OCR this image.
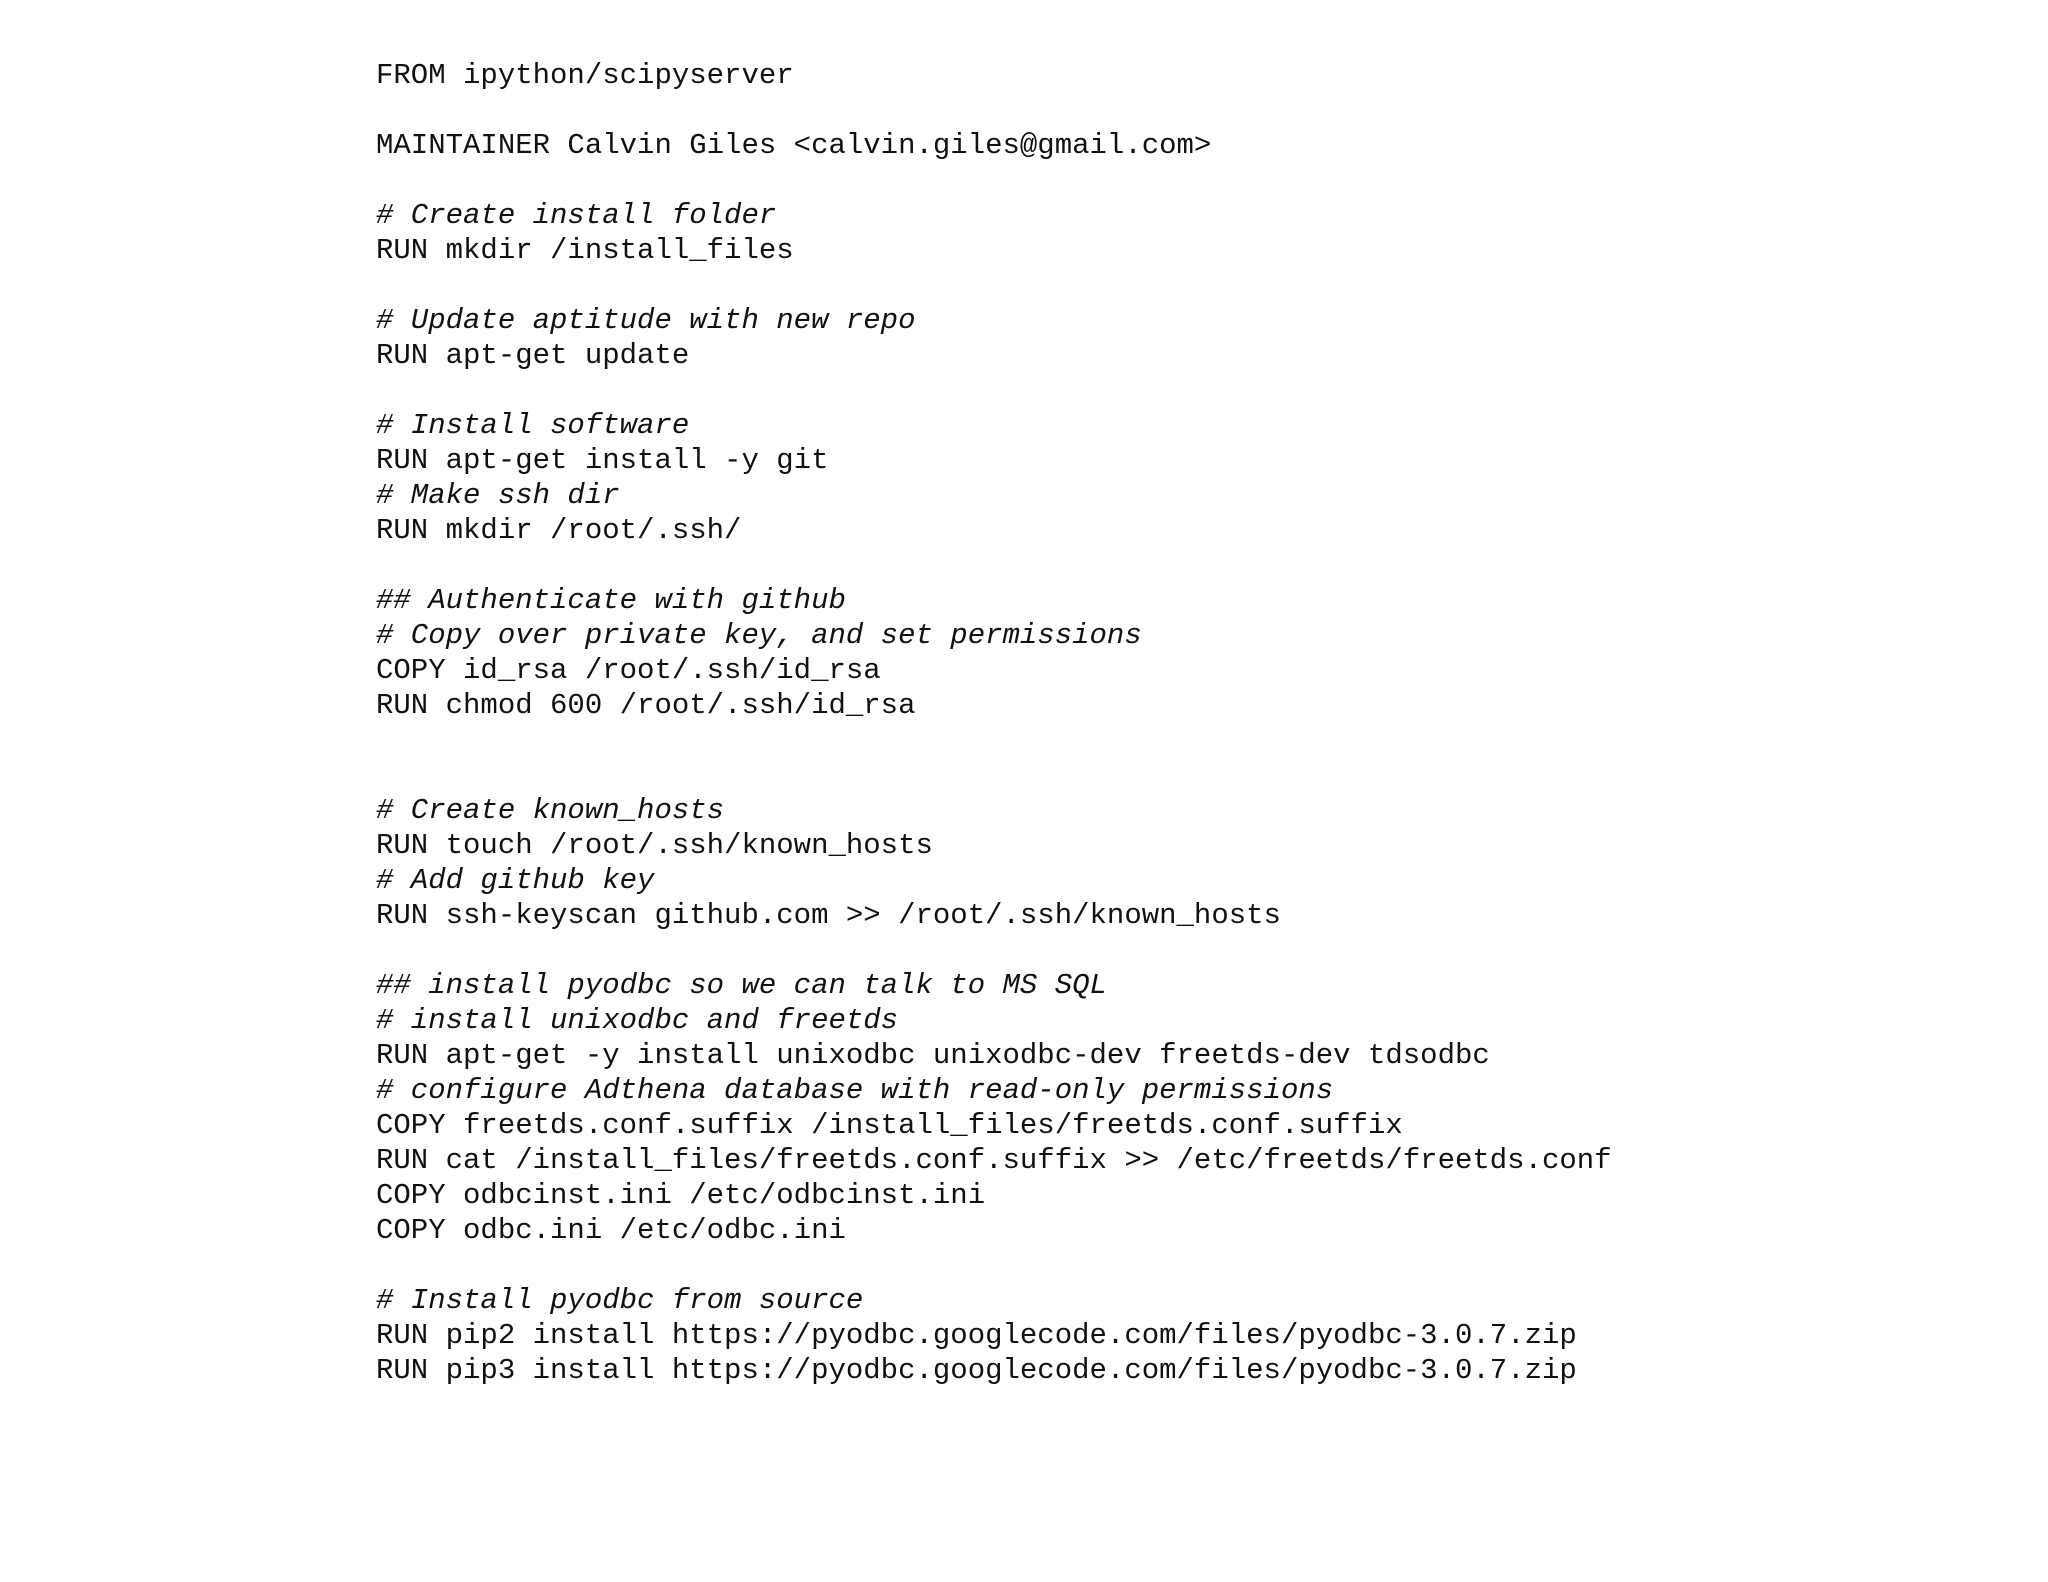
FROM ipython/scipyserver
MAINTAINER Calvin Giles <calvin.giles@gmail.com>
# Create install folder
RUN mkdir /install_files
# Update aptitude with new repo
RUN apt-get update
# Install software
RUN apt-get install -y git
# Make ssh dir
RUN mkdir /root/.ssh/
## Authenticate with github
# Copy over private key, and set permissions
COPY id_rsa /root/.ssh/id_rsa
RUN chmod 600 /root/.ssh/id_rsa
# Create known_hosts
RUN touch /root/.ssh/known_hosts
# Add github key
RUN ssh-keyscan github.com >> /root/.ssh/known_hosts
## install pyodbc so we can talk to MS SQL
# install unixodbc and freetds
RUN apt-get -y install unixodbc unixodbc-dev freetds-dev tdsodbc
# configure Adthena database with read-only permissions
COPY freetds.conf.suffix /install_files/freetds.conf.suffix
RUN cat /install_files/freetds.conf.suffix >> /etc/freetds/freetds.conf
COPY odbcinst.ini /etc/odbcinst.ini
COPY odbc.ini /etc/odbc.ini
# Install pyodbc from source
RUN pip2 install https://pyodbc.googlecode.com/files/pyodbc-3.0.7.zip
RUN pip3 install https://pyodbc.googlecode.com/files/pyodbc-3.0.7.zip
